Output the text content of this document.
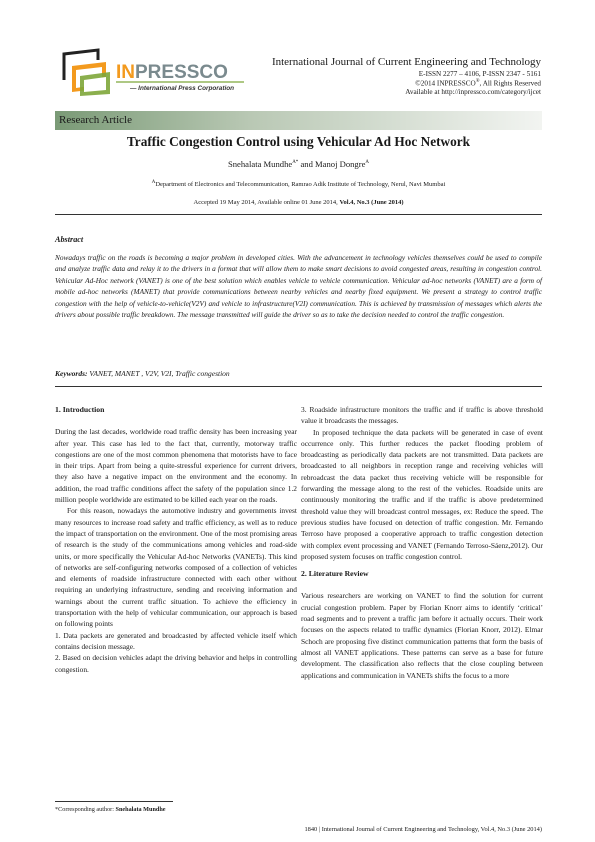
INPRESSCO
— International Press Corporation
International Journal of Current Engineering and Technology
E-ISSN 2277 – 4106, P-ISSN 2347 - 5161
©2014 INPRESSCO®, All Rights Reserved
Available at http://inpressco.com/category/ijcet
Research Article
Traffic Congestion Control using Vehicular Ad Hoc Network
Snehalata Mundhe$^{A*}$ and Manoj Dongre$^A$
$^A$Department of Electronics and Telecommunication, Ramrao Adik Institute of Technology, Nerul, Navi Mumbai
Accepted 19 May 2014, Available online 01 June 2014, Vol.4, No.3 (June 2014)
Abstract

Nowadays traffic on the roads is becoming a major problem in developed cities. With the advancement in technology vehicles themselves could be used to compile and analyze traffic data and relay it to the drivers in a format that will allow them to make smart decisions to avoid congested areas, resulting in congestion control. Vehicular Ad-Hoc network (VANET) is one of the best solution which enables vehicle to vehicle communication. Vehicular ad-hoc networks (VANET) are a form of mobile ad-hoc networks (MANET) that provide communications between nearby vehicles and nearby fixed equipment. We present a strategy to control traffic congestion with the help of vehicle-to-vehicle(V2V) and vehicle to infrastructure(V2I) communication. This is achieved by transmission of messages which alerts the drivers about possible traffic breakdown. The message transmitted will guide the driver so as to take the decision needed to control the traffic congestion.

Keywords: VANET, MANET , V2V, V2I, Traffic congestion
1. Introduction

During the last decades, worldwide road traffic density has been increasing year after year. This case has led to the fact that, currently, motorway traffic congestions are one of the most common phenomena that motorists have to face in their trips. Apart from being a quite-stressful experience for current drivers, they also have a negative impact on the environment and the economy. In addition, the road traffic conditions affect the safety of the population since 1.2 million people worldwide are estimated to be killed each year on the roads.

For this reason, nowadays the automotive industry and governments invest many resources to increase road safety and traffic efficiency, as well as to reduce the impact of transportation on the environment. One of the most promising areas of research is the study of the communications among vehicles and road-side units, or more specifically the Vehicular Ad-hoc Networks (VANETs). This kind of networks are self-configuring networks composed of a collection of vehicles and elements of roadside infrastructure connected with each other without requiring an underlying infrastructure, sending and receiving information and warnings about the current traffic situation. To achieve the efficiency in transportation with the help of vehicular communication, our approach is based on following points

1. Data packets are generated and broadcasted by affected vehicle itself which contains decision message.

2. Based on decision vehicles adapt the driving behavior and helps in controlling congestion.

3. Roadside infrastructure monitors the traffic and if traffic is above threshold value it broadcasts the messages.

In proposed technique the data packets will be generated in case of event occurrence only. This further reduces the packet flooding problem of broadcasting as periodically data packets are not transmitted. Data packets are broadcasted to all neighbors in reception range and receiving vehicles will rebroadcast the data packet thus receiving vehicle will be responsible for forwarding the message along to the rest of the vehicles. Roadside units are continuously monitoring the traffic and if the traffic is above predetermined threshold value they will broadcast control messages, ex: Reduce the speed. The previous studies have focused on detection of traffic congestion. Mr. Fernando Terroso have proposed a cooperative approach to traffic congestion detection with complex event processing and VANET (Fernando Terroso-Sáenz,2012). Our proposed system focuses on traffic congestion control.

2. Literature Review

Various researchers are working on VANET to find the solution for current crucial congestion problem. Paper by Florian Knorr aims to identify ‘critical’ road segments and to prevent a traffic jam before it actually occurs. Their work focuses on the aspects related to traffic dynamics (Florian Knorr, 2012). Elmar Schoch are proposing five distinct communication patterns that form the basis of almost all VANET applications. These patterns can serve as a base for future development. The classification also reflects that the close coupling between applications and communication in VANETs shifts the focus to a more

*Corresponding author: Snehalata Mundhe
1840 | International Journal of Current Engineering and Technology, Vol.4, No.3 (June 2014)
